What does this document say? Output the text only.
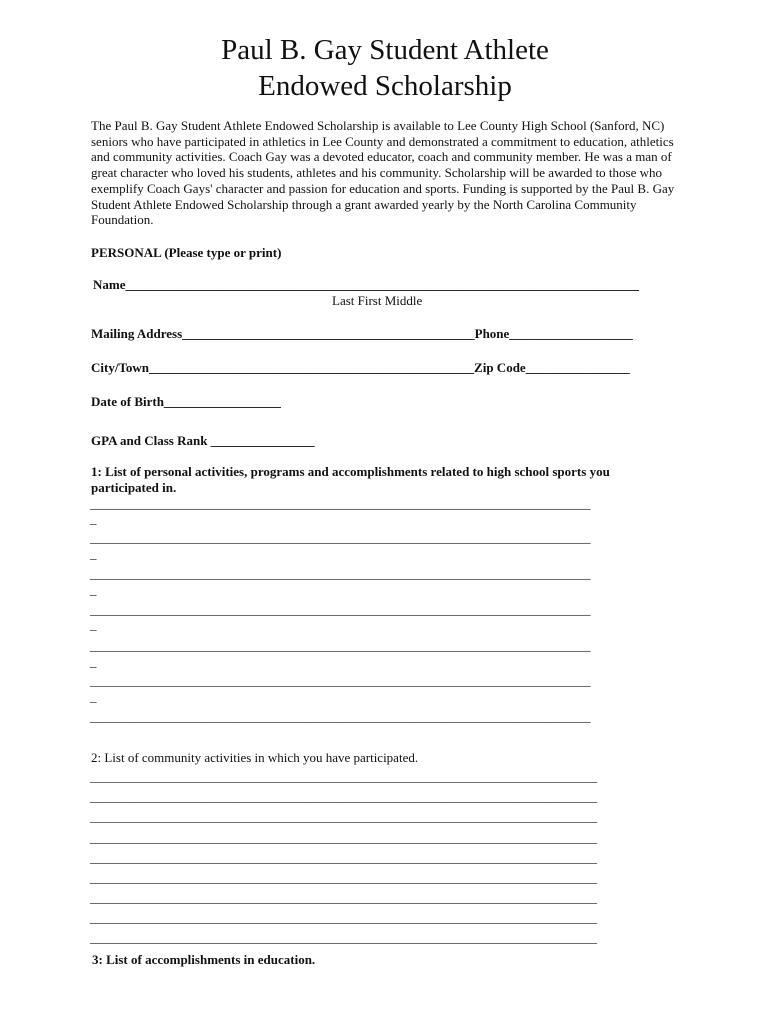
Paul B. Gay Student Athlete
Endowed Scholarship

The Paul B. Gay Student Athlete Endowed Scholarship is available to Lee County High School (Sanford, NC) seniors who have participated in athletics in Lee County and demonstrated a commitment to education, athletics and community activities. Coach Gay was a devoted educator, coach and community member. He was a man of great character who loved his students, athletes and his community. Scholarship will be awarded to those who exemplify Coach Gays' character and passion for education and sports. Funding is supported by the Paul B. Gay Student Athlete Endowed Scholarship through a grant awarded yearly by the North Carolina Community Foundation.

PERSONAL (Please type or print)
Name_______________________________________________________________________________
Last First Middle
Mailing Address_____________________________________________Phone___________________
City/Town__________________________________________________Zip Code________________
Date of Birth__________________
GPA and Class Rank ________________
1: List of personal activities, programs and accomplishments related to high school sports you
participated in.
_____________________________________________________________________________
_
_____________________________________________________________________________
_
_____________________________________________________________________________
_
_____________________________________________________________________________
_
_____________________________________________________________________________
_
_____________________________________________________________________________
_
_____________________________________________________________________________
2: List of community activities in which you have participated.
______________________________________________________________________________
______________________________________________________________________________
______________________________________________________________________________
______________________________________________________________________________
______________________________________________________________________________
______________________________________________________________________________
______________________________________________________________________________
______________________________________________________________________________
______________________________________________________________________________
3: List of accomplishments in education.
